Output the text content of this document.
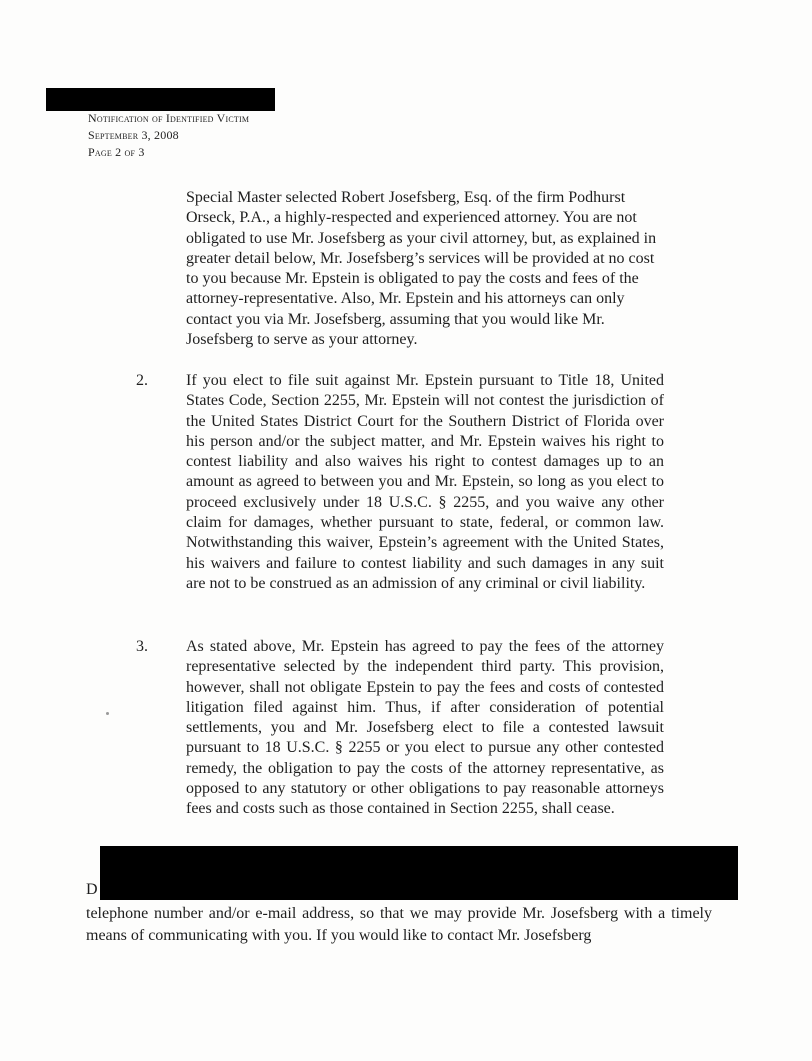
Notification of Identified Victim
September 3, 2008
Page 2 of 3

Special Master selected Robert Josefsberg, Esq. of the firm Podhurst Orseck, P.A., a highly-respected and experienced attorney. You are not obligated to use Mr. Josefsberg as your civil attorney, but, as explained in greater detail below, Mr. Josefsberg’s services will be provided at no cost to you because Mr. Epstein is obligated to pay the costs and fees of the attorney-representative. Also, Mr. Epstein and his attorneys can only contact you via Mr. Josefsberg, assuming that you would like Mr. Josefsberg to serve as your attorney.

2. If you elect to file suit against Mr. Epstein pursuant to Title 18, United States Code, Section 2255, Mr. Epstein will not contest the jurisdiction of the United States District Court for the Southern District of Florida over his person and/or the subject matter, and Mr. Epstein waives his right to contest liability and also waives his right to contest damages up to an amount as agreed to between you and Mr. Epstein, so long as you elect to proceed exclusively under 18 U.S.C. § 2255, and you waive any other claim for damages, whether pursuant to state, federal, or common law. Notwithstanding this waiver, Epstein’s agreement with the United States, his waivers and failure to contest liability and such damages in any suit are not to be construed as an admission of any criminal or civil liability.

3. As stated above, Mr. Epstein has agreed to pay the fees of the attorney representative selected by the independent third party. This provision, however, shall not obligate Epstein to pay the fees and costs of contested litigation filed against him. Thus, if after consideration of potential settlements, you and Mr. Josefsberg elect to file a contested lawsuit pursuant to 18 U.S.C. § 2255 or you elect to pursue any other contested remedy, the obligation to pay the costs of the attorney representative, as opposed to any statutory or other obligations to pay reasonable attorneys fees and costs such as those contained in Section 2255, shall cease.

D

telephone number and/or e-mail address, so that we may provide Mr. Josefsberg with a timely means of communicating with you. If you would like to contact Mr. Josefsberg
